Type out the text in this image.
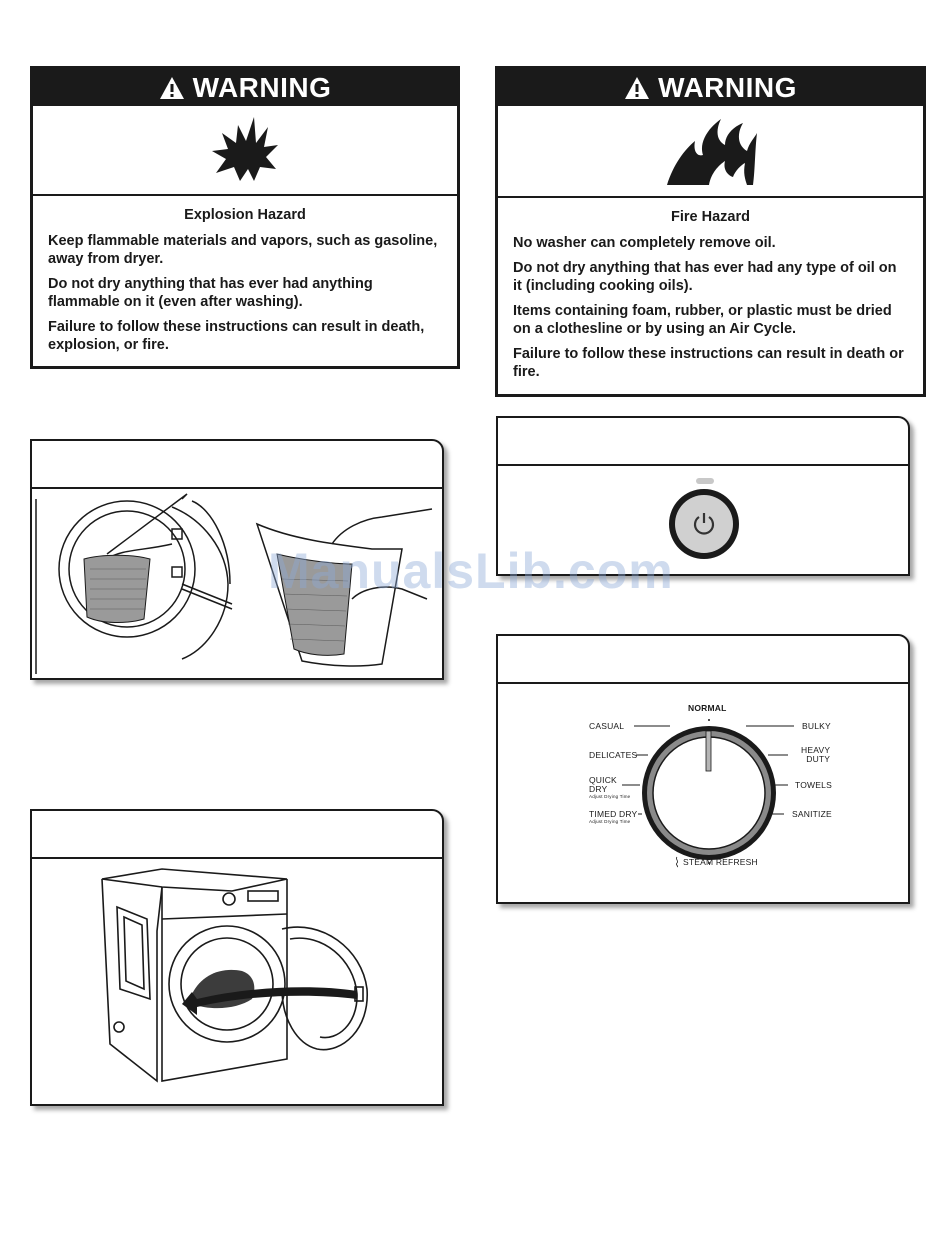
WARNING
Explosion Hazard

Keep flammable materials and vapors, such as gasoline, away from dryer.

Do not dry anything that has ever had anything flammable on it (even after washing).

Failure to follow these instructions can result in death, explosion, or fire.

WARNING
Fire Hazard

No washer can completely remove oil.

Do not dry anything that has ever had any type of oil on it (including cooking oils).

Items containing foam, rubber, or plastic must be dried on a clothesline or by using an Air Cycle.

Failure to follow these instructions can result in death or fire.

NORMAL
CASUAL
DELICATES
QUICK
DRY
Adjust Drying Time
TIMED DRY
Adjust Drying Time
BULKY
HEAVY
DUTY
TOWELS
SANITIZE
STEAM REFRESH
ManualsLib.com
